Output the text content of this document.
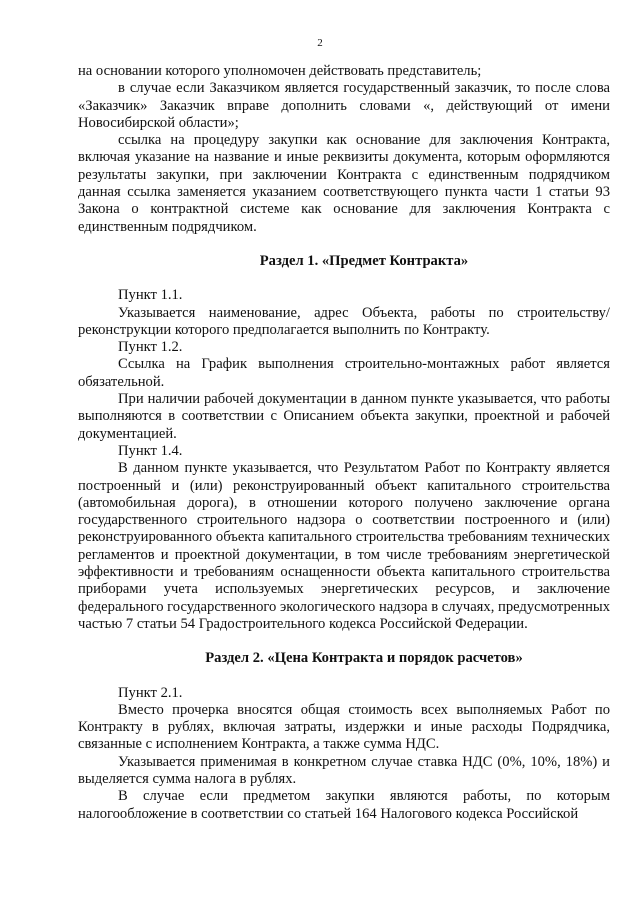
2

на основании которого уполномочен действовать представитель;

в случае если Заказчиком является государственный заказчик, то после слова «Заказчик» Заказчик вправе дополнить словами «, действующий от имени Новосибирской области»;

ссылка на процедуру закупки как основание для заключения Контракта, включая указание на название и иные реквизиты документа, которым оформляются результаты закупки, при заключении Контракта с единственным подрядчиком данная ссылка заменяется указанием соответствующего пункта части 1 статьи 93 Закона о контрактной системе как основание для заключения Контракта с единственным подрядчиком.

Раздел 1. «Предмет Контракта»

Пункт 1.1.

Указывается наименование, адрес Объекта, работы по строительству/реконструкции которого предполагается выполнить по Контракту.

Пункт 1.2.

Ссылка на График выполнения строительно-монтажных работ является обязательной.

При наличии рабочей документации в данном пункте указывается, что работы выполняются в соответствии с Описанием объекта закупки, проектной и рабочей документацией.

Пункт 1.4.

В данном пункте указывается, что Результатом Работ по Контракту является построенный и (или) реконструированный объект капитального строительства (автомобильная дорога), в отношении которого получено заключение органа государственного строительного надзора о соответствии построенного и (или) реконструированного объекта капитального строительства требованиям технических регламентов и проектной документации, в том числе требованиям энергетической эффективности и требованиям оснащенности объекта капитального строительства приборами учета используемых энергетических ресурсов, и заключение федерального государственного экологического надзора в случаях, предусмотренных частью 7 статьи 54 Градостроительного кодекса Российской Федерации.

Раздел 2. «Цена Контракта и порядок расчетов»

Пункт 2.1.

Вместо прочерка вносятся общая стоимость всех выполняемых Работ по Контракту в рублях, включая затраты, издержки и иные расходы Подрядчика, связанные с исполнением Контракта, а также сумма НДС.

Указывается применимая в конкретном случае ставка НДС (0%, 10%, 18%) и выделяется сумма налога в рублях.

В случае если предметом закупки являются работы, по которым налогообложение в соответствии со статьей 164 Налогового кодекса Российской
